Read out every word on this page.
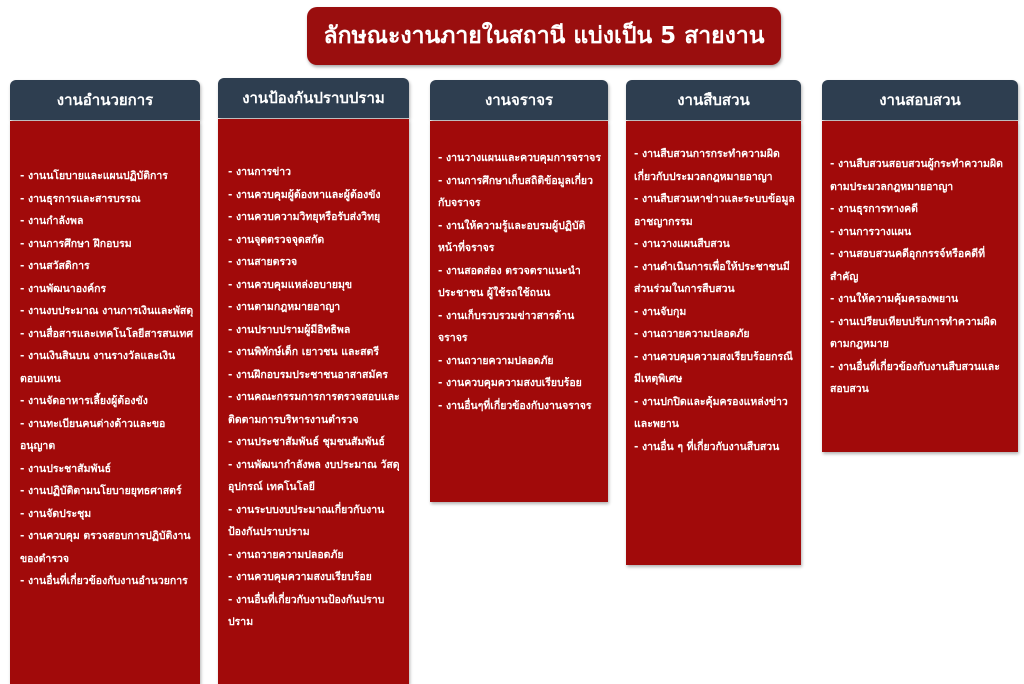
ลักษณะงานภายในสถานี แบ่งเป็น 5 สายงาน
งานอำนวยการ
- งานนโยบายและแผนปฏิบัติการ
- งานธุรการและสารบรรณ
- งานกำลังพล
- งานการศึกษา ฝึกอบรม
- งานสวัสดิการ
- งานพัฒนาองค์กร
- งานงบประมาณ งานการเงินและพัสดุ
- งานสื่อสารและเทคโนโลยีสารสนเทศ
- งานเงินสินบน งานรางวัลและเงินตอบแทน
- งานจัดอาหารเลี้ยงผู้ต้องขัง
- งานทะเบียนคนต่างด้าวและขออนุญาต
- งานประชาสัมพันธ์
- งานปฏิบัติตามนโยบายยุทธศาสตร์
- งานจัดประชุม
- งานควบคุม ตรวจสอบการปฏิบัติงานของตำรวจ
- งานอื่นที่เกี่ยวข้องกับงานอำนวยการ
งานป้องกันปราบปราม
- งานการข่าว
- งานควบคุมผู้ต้องหาและผู้ต้องขัง
- งานควบความวิทยุหรือรับส่งวิทยุ
- งานจุดตรวจจุดสกัด
- งานสายตรวจ
- งานควบคุมแหล่งอบายมุข
- งานตามกฎหมายอาญา
- งานปราบปรามผู้มีอิทธิพล
- งานพิทักษ์เด็ก เยาวชน และสตรี
- งานฝึกอบรมประชาชนอาสาสมัคร
- งานคณะกรรมการการตรวจสอบและติดตามการบริหารงานตำรวจ
- งานประชาสัมพันธ์ ชุมชนสัมพันธ์
- งานพัฒนากำลังพล งบประมาณ วัสดุ อุปกรณ์ เทคโนโลยี
- งานระบบงบประมาณเกี่ยวกับงานป้องกันปราบปราม
- งานถวายความปลอดภัย
- งานควบคุมความสงบเรียบร้อย
- งานอื่นที่เกี่ยวกับงานป้องกันปราบปราม
งานจราจร
- งานวางแผนและควบคุมการจราจร
- งานการศึกษาเก็บสถิติข้อมูลเกี่ยวกับจราจร
- งานให้ความรู้และอบรมผู้ปฏิบัติหน้าที่จราจร
- งานสอดส่อง ตรวจตราแนะนำประชาชน ผู้ใช้รถใช้ถนน
- งานเก็บรวบรวมข่าวสารด้านจราจร
- งานถวายความปลอดภัย
- งานควบคุมความสงบเรียบร้อย
- งานอื่นๆที่เกี่ยวข้องกับงานจราจร
งานสืบสวน
- งานสืบสวนการกระทำความผิดเกี่ยวกับประมวลกฎหมายอาญา
- งานสืบสวนหาข่าวและระบบข้อมูลอาชญากรรม
- งานวางแผนสืบสวน
- งานดำเนินการเพื่อให้ประชาชนมีส่วนร่วมในการสืบสวน
- งานจับกุม
- งานถวายความปลอดภัย
- งานควบคุมความสงเรียบร้อยกรณีมีเหตุพิเศษ
- งานปกปิดและคุ้มครองแหล่งข่าวและพยาน
- งานอื่น ๆ ที่เกี่ยวกับงานสืบสวน
งานสอบสวน
- งานสืบสวนสอบสวนผู้กระทำความผิดตามประมวลกฎหมายอาญา
- งานธุรการทางคดี
- งานการวางแผน
- งานสอบสวนคดีอุกกรรจ์หรือคดีที่สำคัญ
- งานให้ความคุ้มครองพยาน
- งานเปรียบเทียบปรับการทำความผิดตามกฎหมาย
- งานอื่นที่เกี่ยวข้องกับงานสืบสวนและสอบสวน
